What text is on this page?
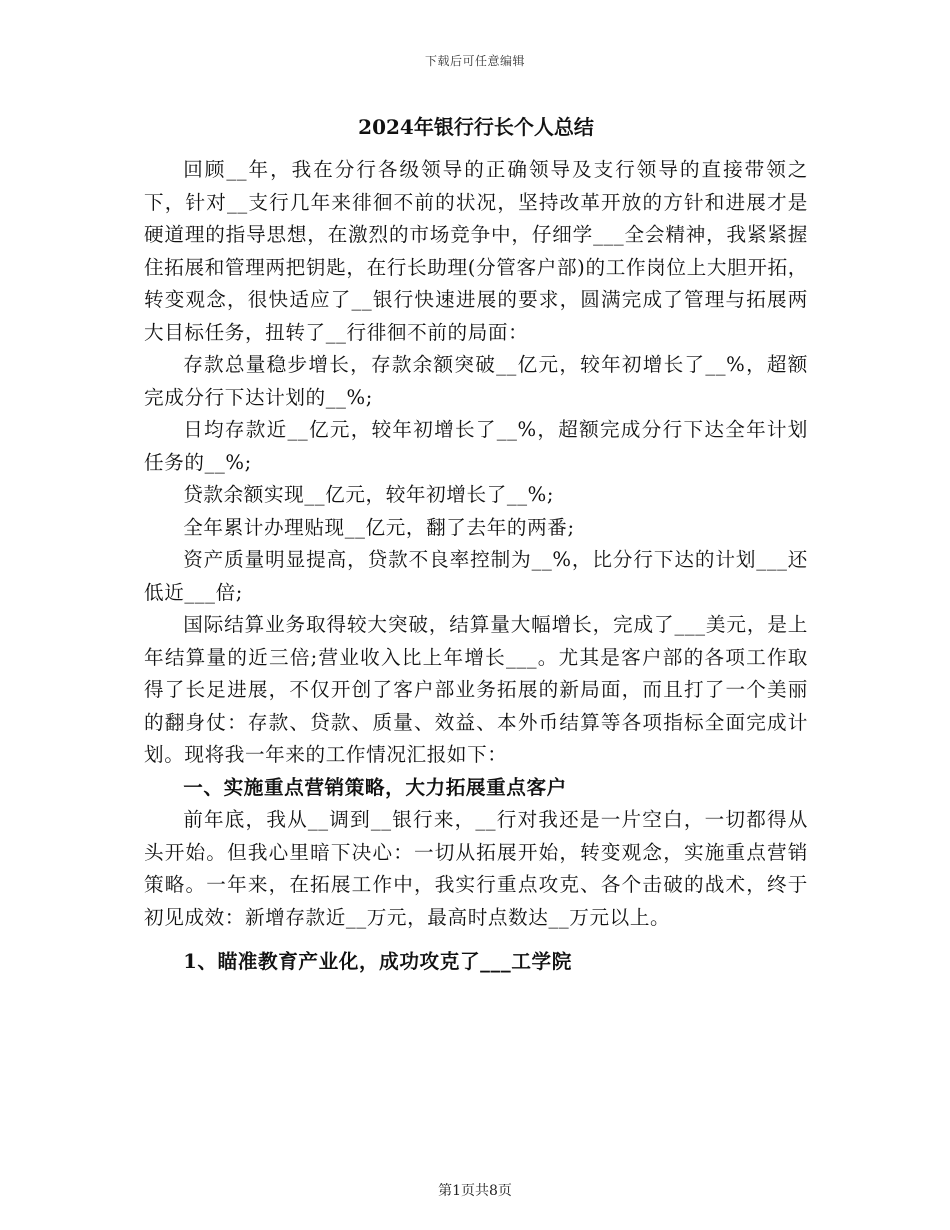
下载后可任意编辑
2024年银行行长个人总结

回顾__年，我在分行各级领导的正确领导及支行领导的直接带领之下，针对__支行几年来徘徊不前的状况，坚持改革开放的方针和进展才是硬道理的指导思想，在激烈的市场竞争中，仔细学___全会精神，我紧紧握住拓展和管理两把钥匙，在行长助理(分管客户部)的工作岗位上大胆开拓，转变观念，很快适应了__银行快速进展的要求，圆满完成了管理与拓展两大目标任务，扭转了__行徘徊不前的局面：

存款总量稳步增长，存款余额突破__亿元，较年初增长了__%，超额完成分行下达计划的__%;

日均存款近__亿元，较年初增长了__%，超额完成分行下达全年计划任务的__%;

贷款余额实现__亿元，较年初增长了__%;

全年累计办理贴现__亿元，翻了去年的两番;

资产质量明显提高，贷款不良率控制为__%，比分行下达的计划___还低近___倍;

国际结算业务取得较大突破，结算量大幅增长，完成了___美元，是上年结算量的近三倍;营业收入比上年增长___。尤其是客户部的各项工作取得了长足进展，不仅开创了客户部业务拓展的新局面，而且打了一个美丽的翻身仗：存款、贷款、质量、效益、本外币结算等各项指标全面完成计划。现将我一年来的工作情况汇报如下：

一、实施重点营销策略，大力拓展重点客户

前年底，我从__调到__银行来，__行对我还是一片空白，一切都得从头开始。但我心里暗下决心：一切从拓展开始，转变观念，实施重点营销策略。一年来，在拓展工作中，我实行重点攻克、各个击破的战术，终于初见成效：新增存款近__万元，最高时点数达__万元以上。

1、瞄准教育产业化，成功攻克了___工学院

第1页共8页
